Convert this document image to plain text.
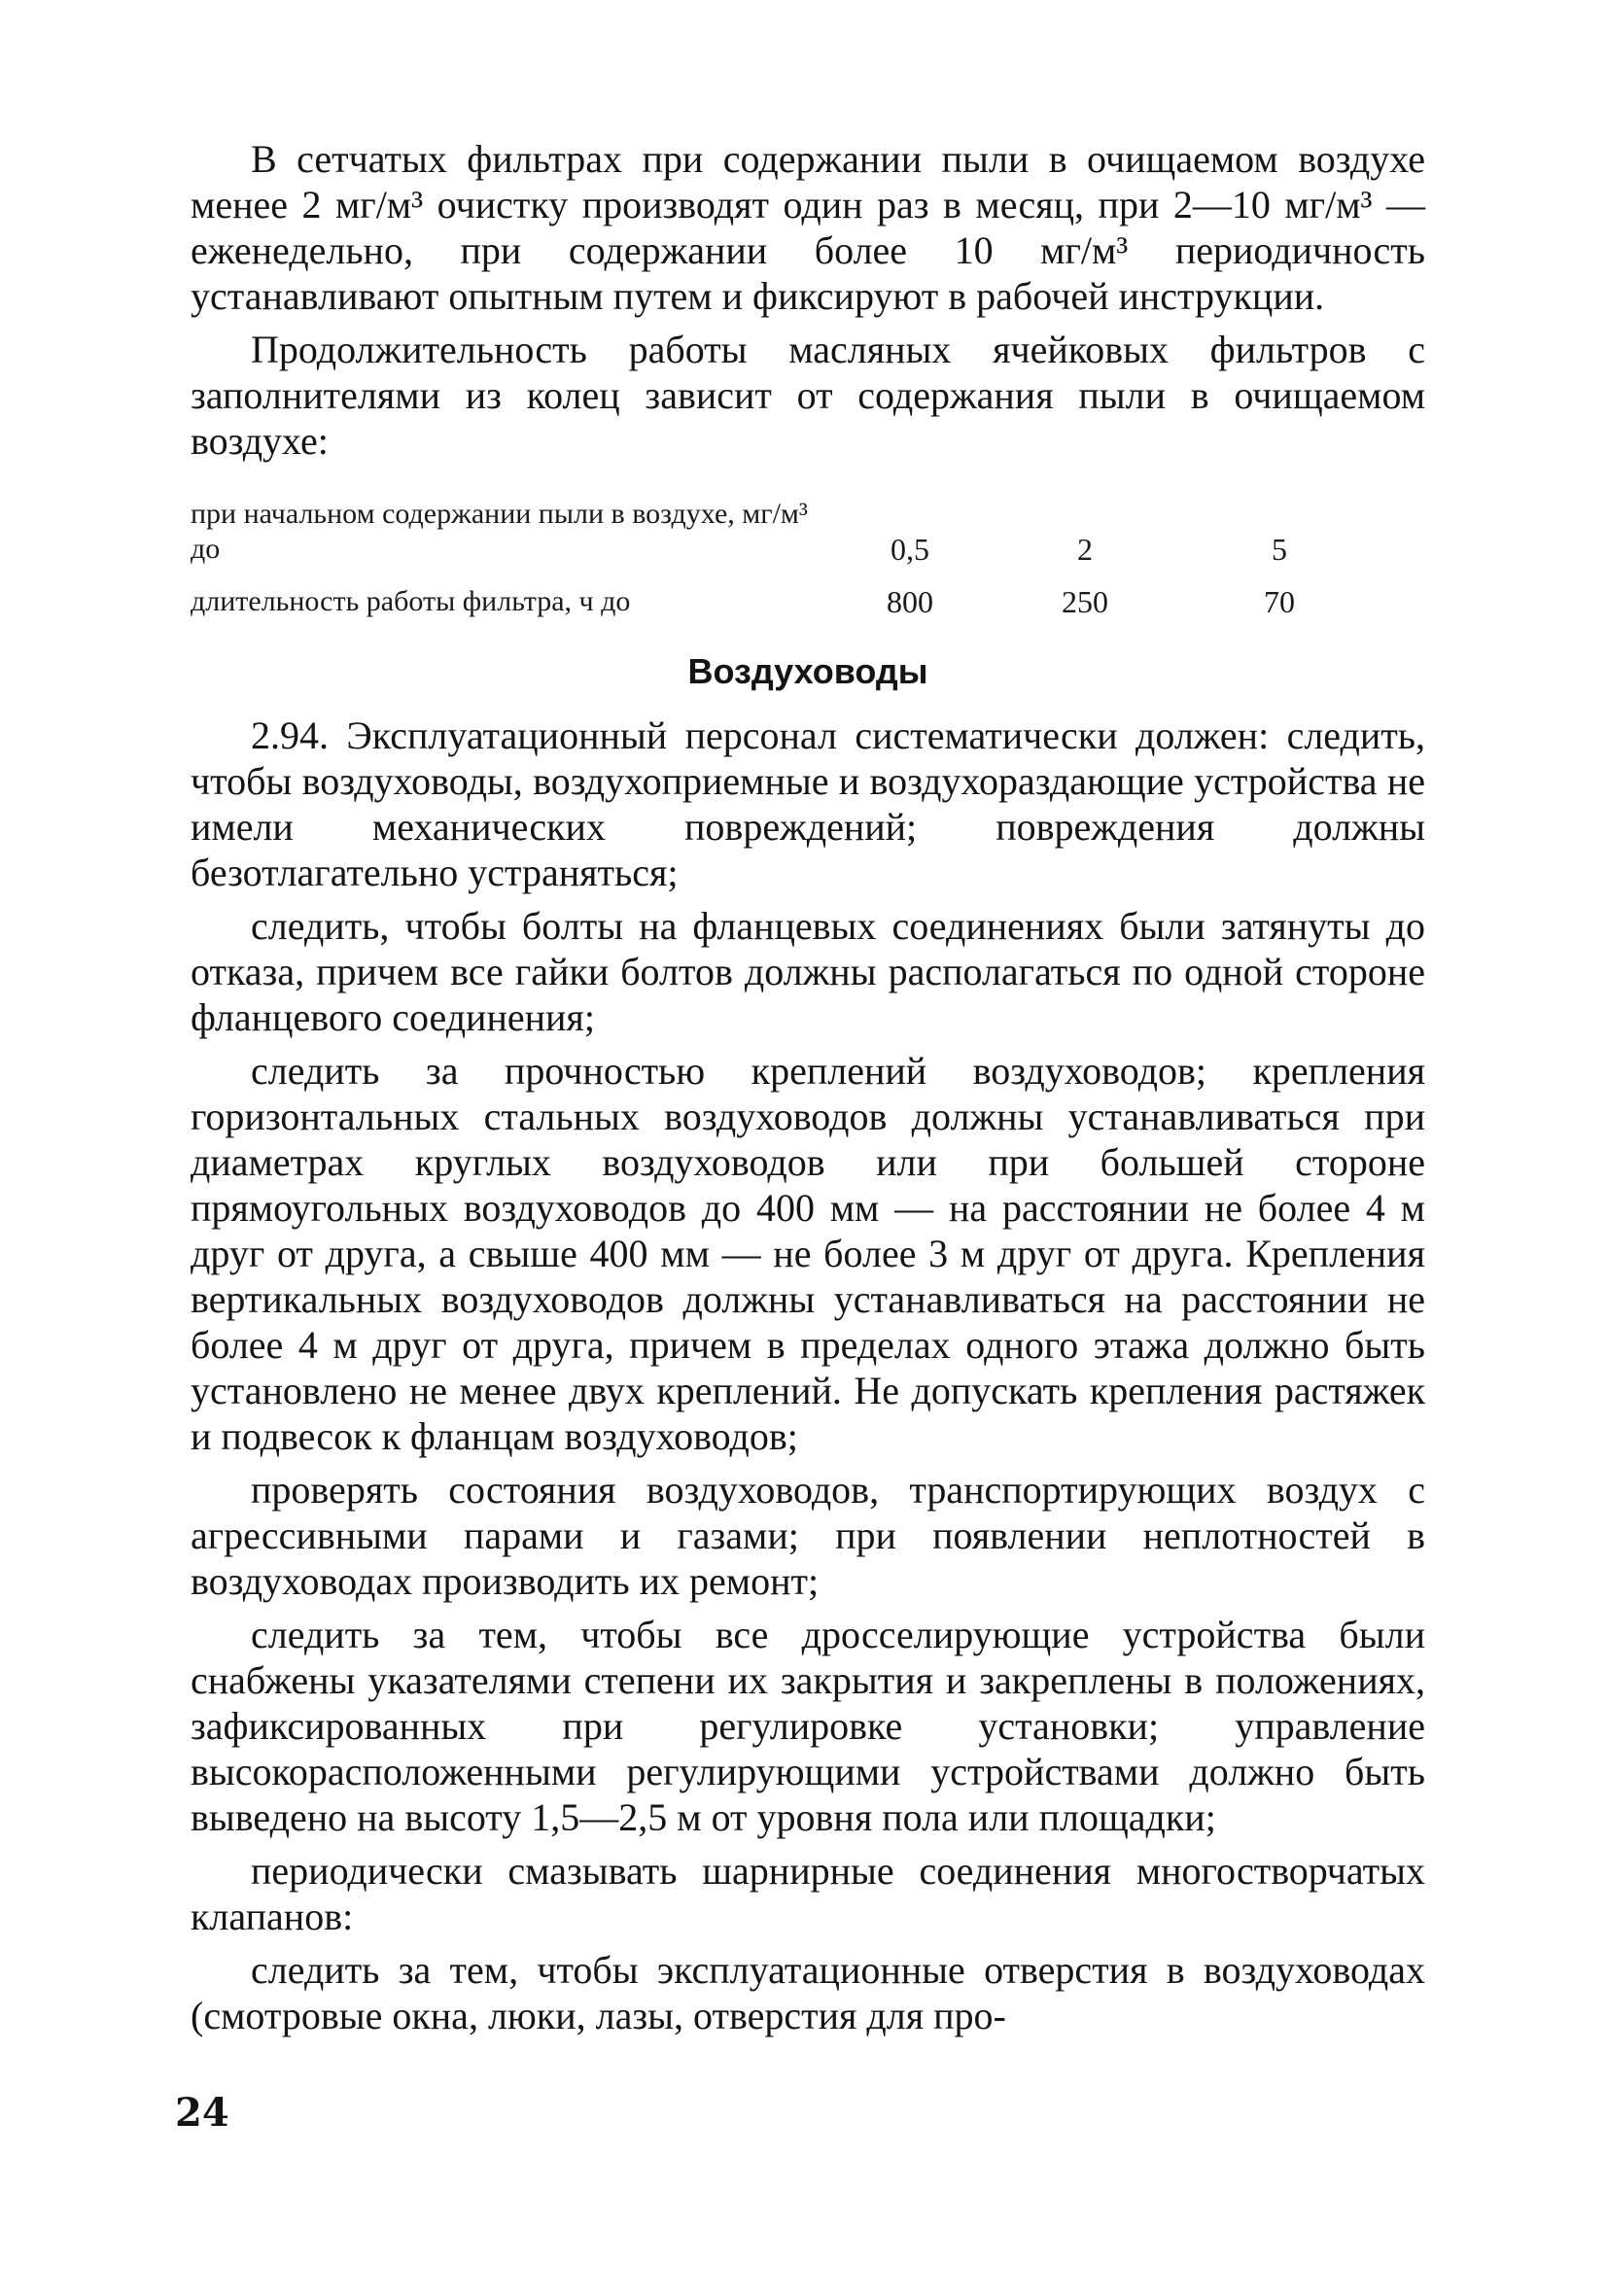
В сетчатых фильтрах при содержании пыли в очищаемом воздухе менее 2 мг/м³ очистку производят один раз в месяц, при 2—10 мг/м³ — еженедельно, при содержании более 10 мг/м³ периодичность устанавливают опытным путем и фиксируют в рабочей инструкции.

Продолжительность работы масляных ячейковых фильтров с заполнителями из колец зависит от содержания пыли в очищаемом воздухе:

при начальном содержании пыли в воздухе, мг/м³ до	0,5	2	5
длительность работы фильтра, ч до	800	250	70
Воздуховоды

2.94. Эксплуатационный персонал систематически должен: следить, чтобы воздуховоды, воздухоприемные и воздухораздающие устройства не имели механических повреждений; повреждения должны безотлагательно устраняться;

следить, чтобы болты на фланцевых соединениях были затянуты до отказа, причем все гайки болтов должны располагаться по одной стороне фланцевого соединения;

следить за прочностью креплений воздуховодов; крепления горизонтальных стальных воздуховодов должны устанавливаться при диаметрах круглых воздуховодов или при большей стороне прямоугольных воздуховодов до 400 мм — на расстоянии не более 4 м друг от друга, а свыше 400 мм — не более 3 м друг от друга. Крепления вертикальных воздуховодов должны устанавливаться на расстоянии не более 4 м друг от друга, причем в пределах одного этажа должно быть установлено не менее двух креплений. Не допускать крепления растяжек и подвесок к фланцам воздуховодов;

проверять состояния воздуховодов, транспортирующих воздух с агрессивными парами и газами; при появлении неплотностей в воздуховодах производить их ремонт;

следить за тем, чтобы все дросселирующие устройства были снабжены указателями степени их закрытия и закреплены в положениях, зафиксированных при регулировке установки; управление высокорасположенными регулирующими устройствами должно быть выведено на высоту 1,5—2,5 м от уровня пола или площадки;

периодически смазывать шарнирные соединения многостворчатых клапанов:

следить за тем, чтобы эксплуатационные отверстия в воздуховодах (смотровые окна, люки, лазы, отверстия для про-

24
